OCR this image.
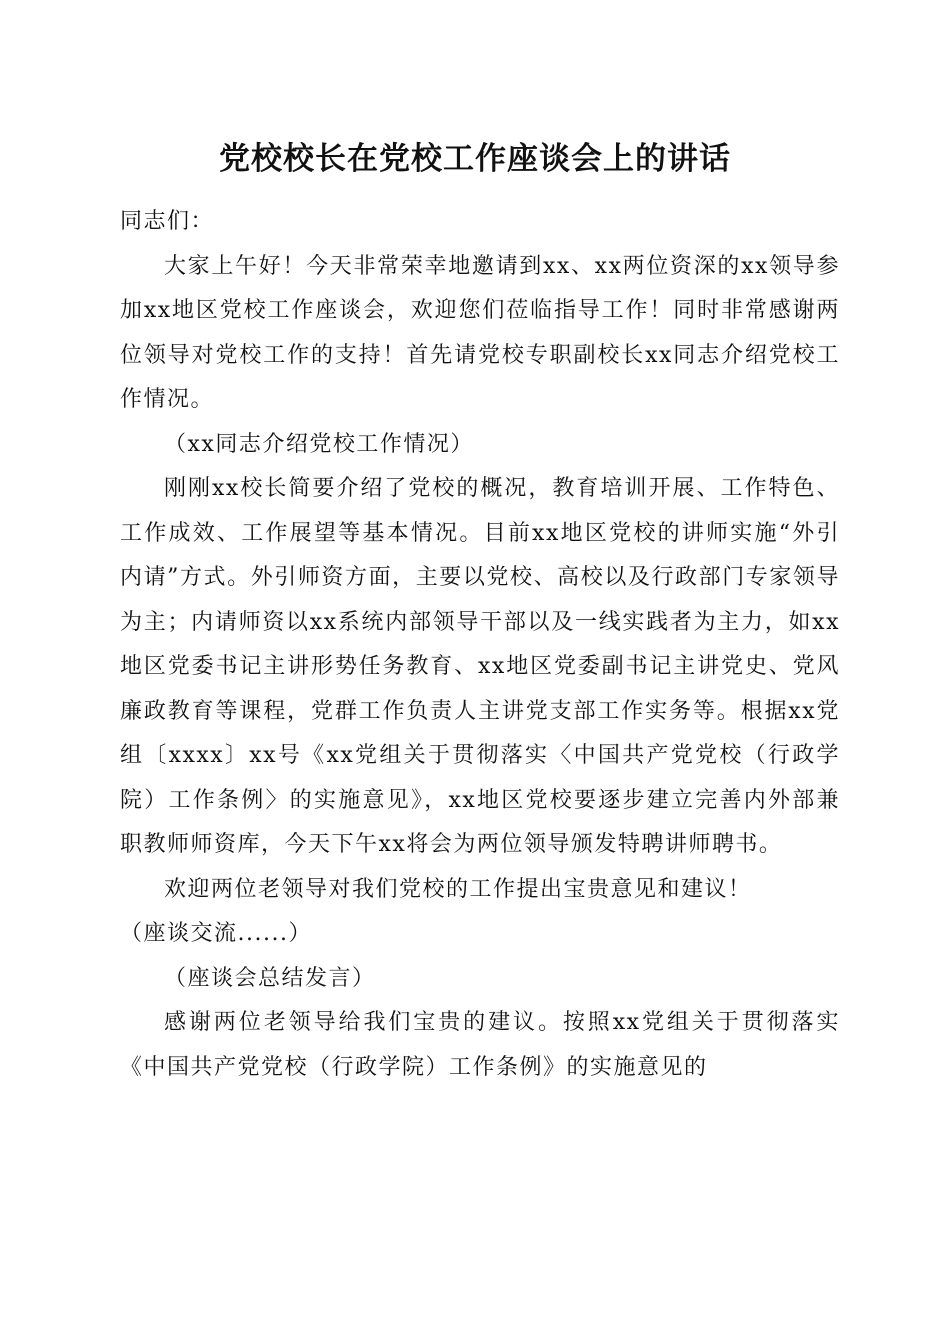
党校校长在党校工作座谈会上的讲话

同志们：

大家上午好！今天非常荣幸地邀请到xx、xx两位资深的xx领导参加xx地区党校工作座谈会，欢迎您们莅临指导工作！同时非常感谢两位领导对党校工作的支持！首先请党校专职副校长xx同志介绍党校工作情况。

（xx同志介绍党校工作情况）

刚刚xx校长简要介绍了党校的概况，教育培训开展、工作特色、工作成效、工作展望等基本情况。目前xx地区党校的讲师实施“外引内请”方式。外引师资方面，主要以党校、高校以及行政部门专家领导为主；内请师资以xx系统内部领导干部以及一线实践者为主力，如xx地区党委书记主讲形势任务教育、xx地区党委副书记主讲党史、党风廉政教育等课程，党群工作负责人主讲党支部工作实务等。根据xx党组〔xxxx〕xx号《xx党组关于贯彻落实〈中国共产党党校（行政学院）工作条例〉的实施意见》，xx地区党校要逐步建立完善内外部兼职教师师资库，今天下午xx将会为两位领导颁发特聘讲师聘书。

欢迎两位老领导对我们党校的工作提出宝贵意见和建议！

（座谈交流......）

（座谈会总结发言）

感谢两位老领导给我们宝贵的建议。按照xx党组关于贯彻落实《中国共产党党校（行政学院）工作条例》的实施意见的
